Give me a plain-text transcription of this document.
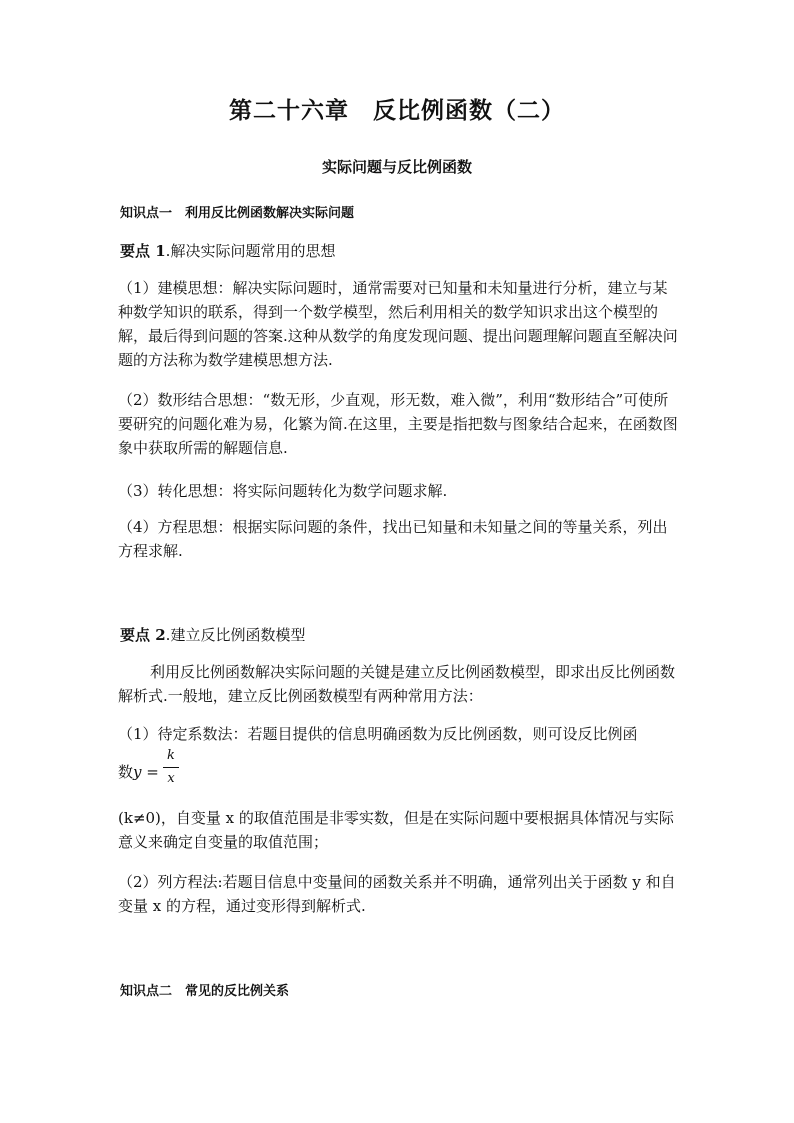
第二十六章　反比例函数（二）
实际问题与反比例函数
知识点一　利用反比例函数解决实际问题
要点 1.解决实际问题常用的思想
（1）建模思想：解决实际问题时，通常需要对已知量和未知量进行分析，建立与某种数学知识的联系，得到一个数学模型，然后利用相关的数学知识求出这个模型的解，最后得到问题的答案.这种从数学的角度发现问题、提出问题理解问题直至解决问题的方法称为数学建模思想方法.
（2）数形结合思想：“数无形，少直观，形无数，难入微”，利用“数形结合”可使所要研究的问题化难为易，化繁为简.在这里，主要是指把数与图象结合起来，在函数图象中获取所需的解题信息.
（3）转化思想：将实际问题转化为数学问题求解.
（4）方程思想：根据实际问题的条件，找出已知量和未知量之间的等量关系，列出方程求解.
要点 2.建立反比例函数模型
利用反比例函数解决实际问题的关键是建立反比例函数模型，即求出反比例函数解析式.一般地，建立反比例函数模型有两种常用方法：
（1）待定系数法：若题目提供的信息明确函数为反比例函数，则可设反比例函
数y =
k
x
(k≠0)，自变量 x 的取值范围是非零实数，但是在实际问题中要根据具体情况与实际意义来确定自变量的取值范围；
（2）列方程法:若题目信息中变量间的函数关系并不明确，通常列出关于函数 y 和自变量 x 的方程，通过变形得到解析式.
知识点二　常见的反比例关系
